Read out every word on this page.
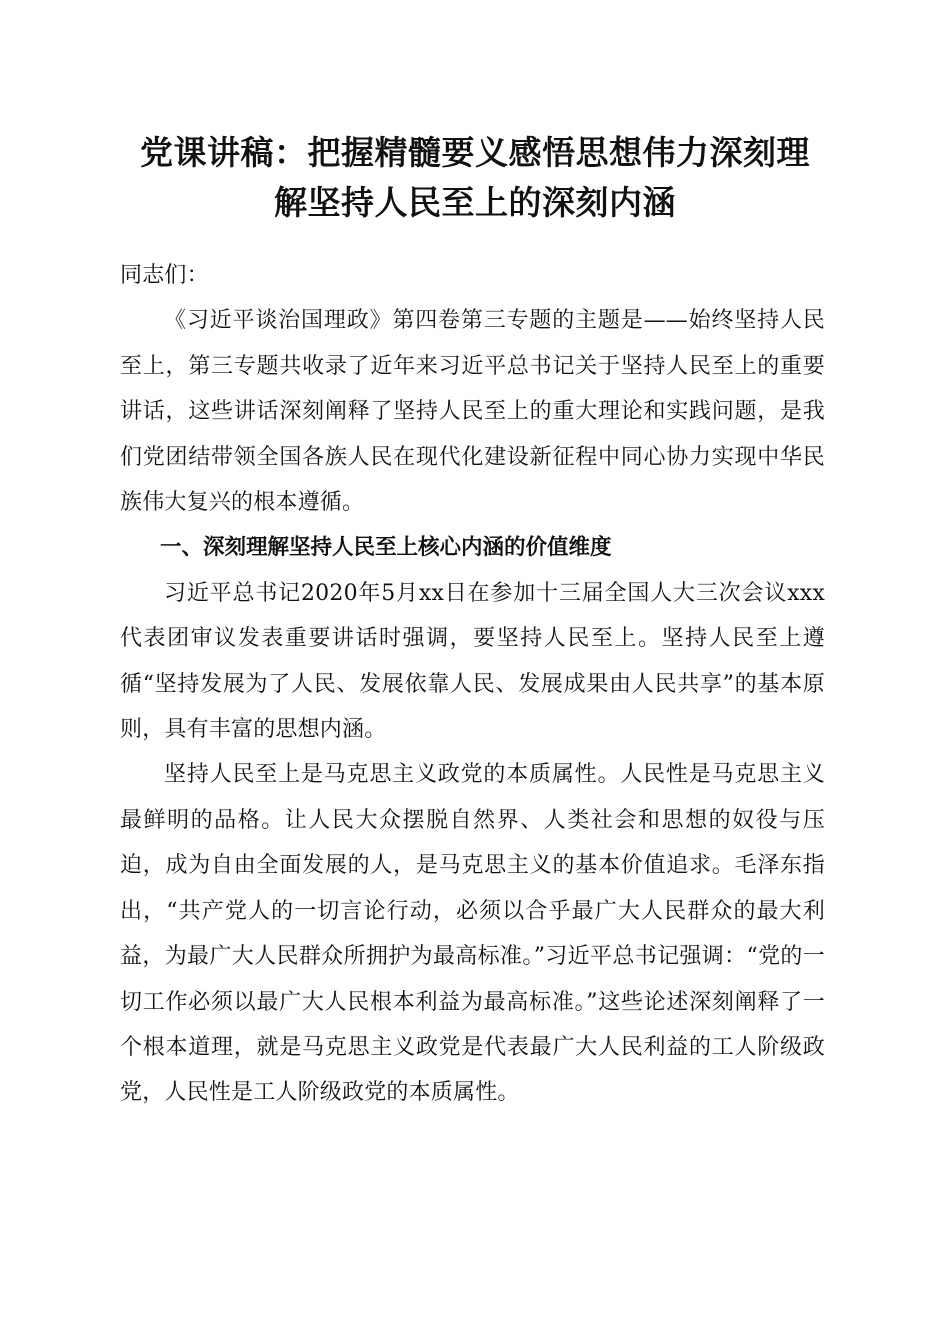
党课讲稿：把握精髓要义感悟思想伟力深刻理
解坚持人民至上的深刻内涵

同志们：

《习近平谈治国理政》第四卷第三专题的主题是——始终坚持人民至上，第三专题共收录了近年来习近平总书记关于坚持人民至上的重要讲话，这些讲话深刻阐释了坚持人民至上的重大理论和实践问题，是我们党团结带领全国各族人民在现代化建设新征程中同心协力实现中华民族伟大复兴的根本遵循。

一、深刻理解坚持人民至上核心内涵的价值维度

习近平总书记2020年5月xx日在参加十三届全国人大三次会议xxx代表团审议发表重要讲话时强调，要坚持人民至上。坚持人民至上遵循“坚持发展为了人民、发展依靠人民、发展成果由人民共享”的基本原则，具有丰富的思想内涵。

坚持人民至上是马克思主义政党的本质属性。人民性是马克思主义最鲜明的品格。让人民大众摆脱自然界、人类社会和思想的奴役与压迫，成为自由全面发展的人，是马克思主义的基本价值追求。毛泽东指出，“共产党人的一切言论行动，必须以合乎最广大人民群众的最大利益，为最广大人民群众所拥护为最高标准。”习近平总书记强调：“党的一切工作必须以最广大人民根本利益为最高标准。”这些论述深刻阐释了一个根本道理，就是马克思主义政党是代表最广大人民利益的工人阶级政党，人民性是工人阶级政党的本质属性。
